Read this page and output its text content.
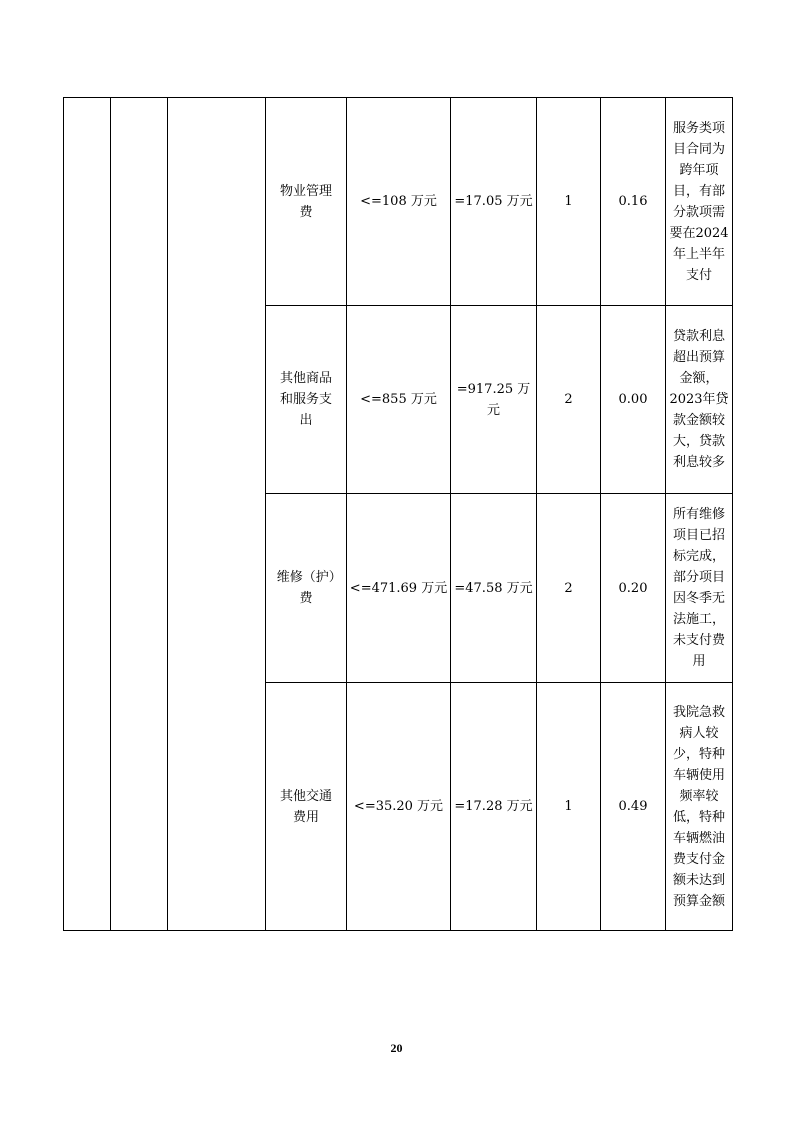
			物业管理费	<=108 万元	=17.05 万元	1	0.16	服务类项目合同为跨年项目，有部分款项需要在2024年上半年支付

			其他商品和服务支出	<=855 万元	=917.25 万元	2	0.00	贷款利息超出预算金额，2023年贷款金额较大，贷款利息较多

			维修（护）费	<=471.69 万元	=47.58 万元	2	0.20	所有维修项目已招标完成，部分项目因冬季无法施工，未支付费用

			其他交通费用	<=35.20 万元	=17.28 万元	1	0.49	我院急救病人较少，特种车辆使用频率较低，特种车辆燃油费支付金额未达到预算金额
20
